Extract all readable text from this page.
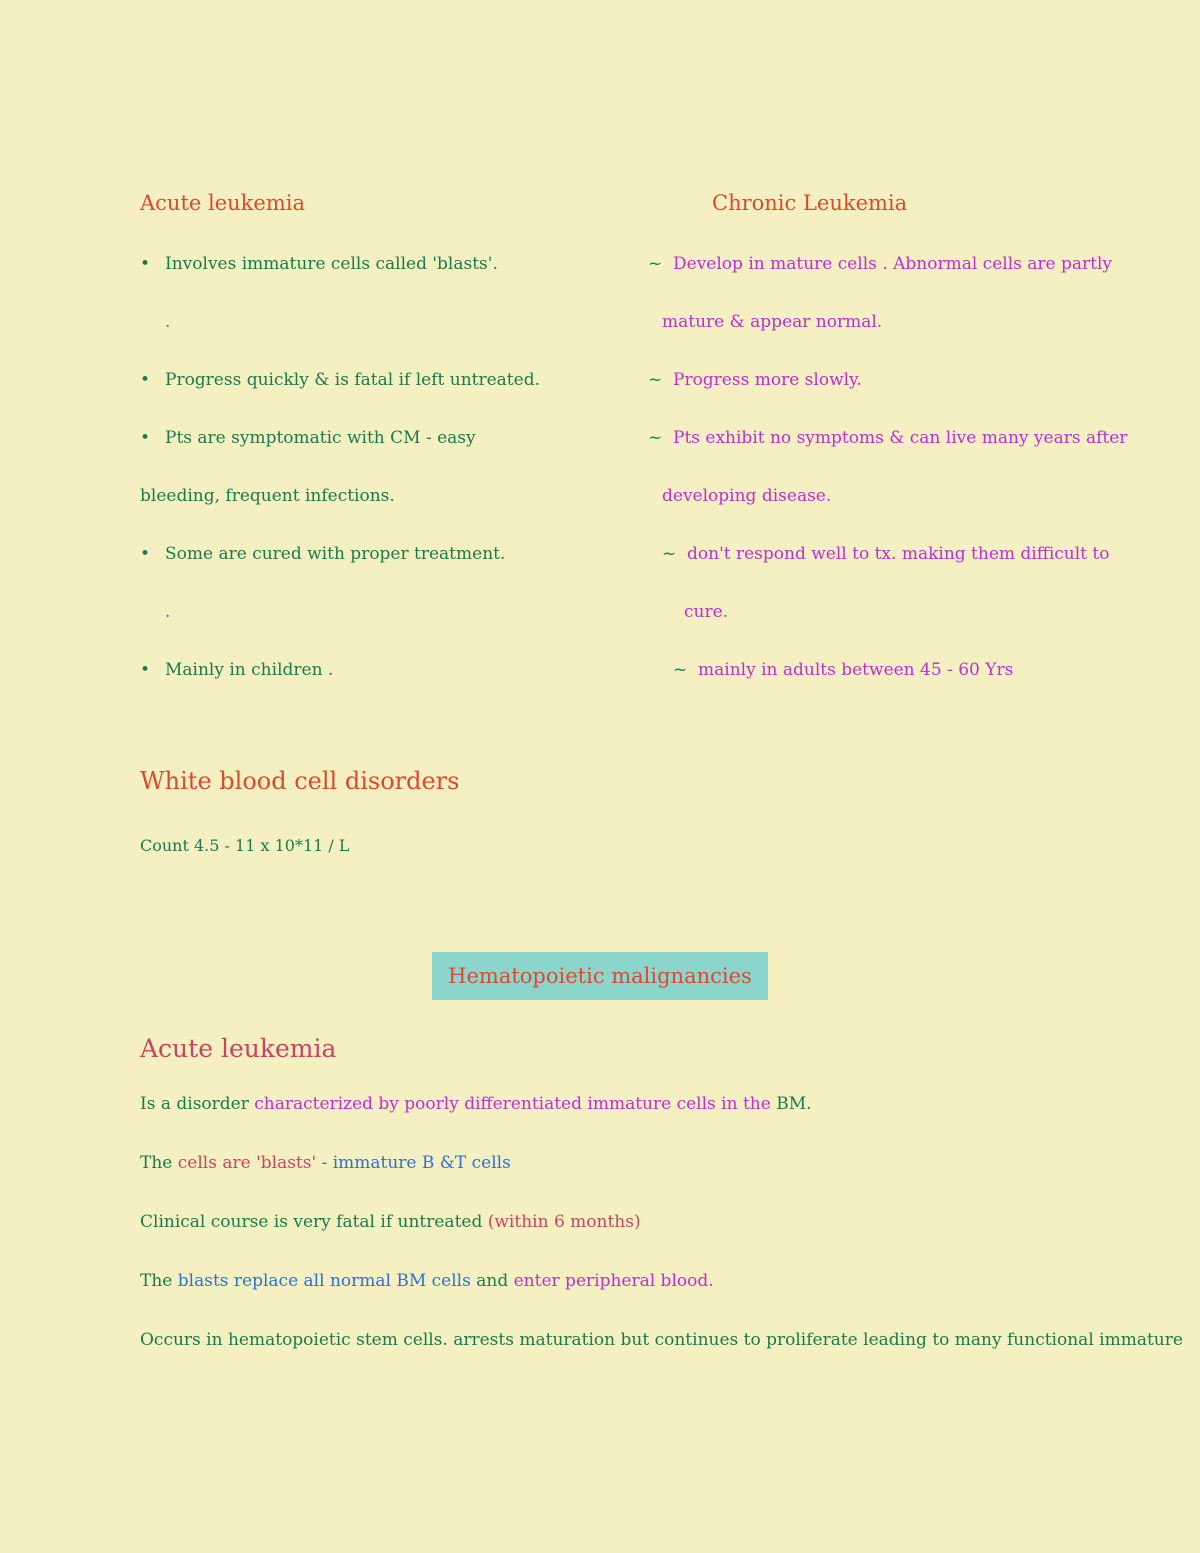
Acute leukemia
• Involves immature cells called 'blasts'.
.
• Progress quickly & is fatal if left untreated.
• Pts are symptomatic with CM - easy
bleeding, frequent infections.
• Some are cured with proper treatment.
.
• Mainly in children .
Chronic Leukemia
~ Develop in mature cells . Abnormal cells are partly
mature & appear normal.
~ Progress more slowly.
~ Pts exhibit no symptoms & can live many years after
developing disease.
~ don't respond well to tx. making them difficult to
cure.
~ mainly in adults between 45 - 60 Yrs
White blood cell disorders

Count 4.5 - 11 x 10*11 / L

Hematopoietic malignancies
Acute leukemia
Is a disorder characterized by poorly differentiated immature cells in the BM.
The cells are 'blasts' - immature B &T cells
Clinical course is very fatal if untreated (within 6 months)
The blasts replace all normal BM cells and enter peripheral blood.
Occurs in hematopoietic stem cells. arrests maturation but continues to proliferate leading to many functional immature
